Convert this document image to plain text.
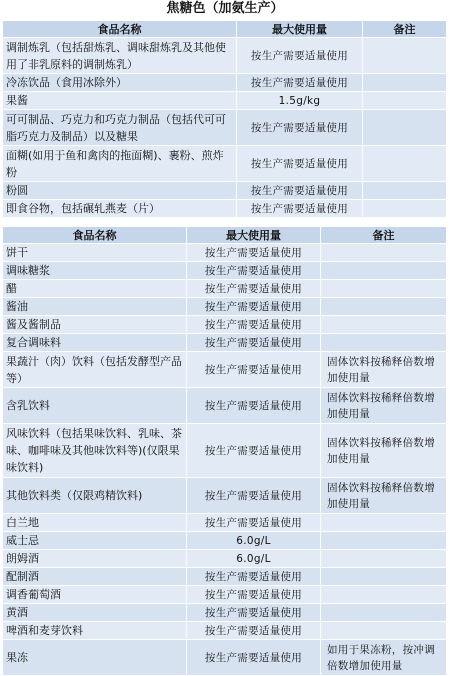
焦糖色（加氨生产）
食品名称	最大使用量	备注
调制炼乳（包括甜炼乳、调味甜炼乳及其他使用了非乳原料的调制炼乳）	按生产需要适量使用	
冷冻饮品（食用冰除外）	按生产需要适量使用	
果酱	1.5g/kg	
可可制品、巧克力和巧克力制品（包括代可可脂巧克力及制品）以及糖果	按生产需要适量使用	
面糊(如用于鱼和禽肉的拖面糊)、裹粉、煎炸粉	按生产需要适量使用	
粉圆	按生产需要适量使用	
即食谷物，包括碾轧燕麦（片）	按生产需要适量使用	
食品名称	最大使用量	备注
饼干	按生产需要适量使用	
调味糖浆	按生产需要适量使用	
醋	按生产需要适量使用	
酱油	按生产需要适量使用	
酱及酱制品	按生产需要适量使用	
复合调味料	按生产需要适量使用	
果蔬汁（肉）饮料（包括发酵型产品等）	按生产需要适量使用	固体饮料按稀释倍数增加使用量
含乳饮料	按生产需要适量使用	固体饮料按稀释倍数增加使用量
风味饮料（包括果味饮料、乳味、茶味、咖啡味及其他味饮料等)(仅限果味饮料)	按生产需要适量使用	固体饮料按稀释倍数增加使用量
其他饮料类（仅限鸡精饮料)	按生产需要适量使用	固体饮料按稀释倍数增加使用量
白兰地	按生产需要适量使用	
威士忌	6.0g/L	
朗姆酒	6.0g/L	
配制酒	按生产需要适量使用	
调香葡萄酒	按生产需要适量使用	
黄酒	按生产需要适量使用	
啤酒和麦芽饮料	按生产需要适量使用	
果冻	按生产需要适量使用	如用于果冻粉，按冲调倍数增加使用量
